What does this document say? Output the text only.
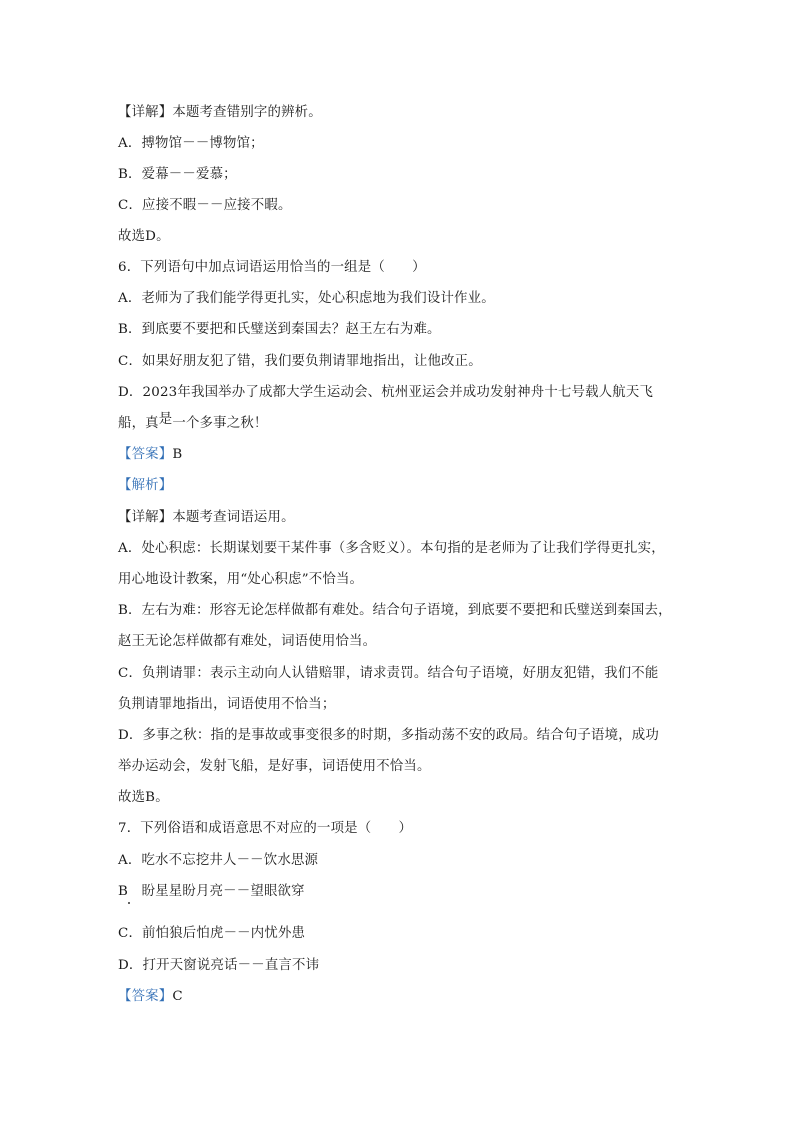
【详解】本题考查错别字的辨析。
A．搏物馆－－博物馆；
B．爱幕－－爱慕；
C．应接不暇－－应接不暇。
故选D。
6．下列语句中加点词语运用恰当的一组是（　　）
A．老师为了我们能学得更扎实，处心积虑地为我们设计作业。
B．到底要不要把和氏璧送到秦国去？赵王左右为难。
C．如果好朋友犯了错，我们要负荆请罪地指出，让他改正。
D．2023年我国举办了成都大学生运动会、杭州亚运会并成功发射神舟十七号载人航天飞
船，真是一个多事之秋！
【答案】B
【解析】
【详解】本题考查词语运用。
A．处心积虑：长期谋划要干某件事（多含贬义）。本句指的是老师为了让我们学得更扎实，
用心地设计教案，用“处心积虑”不恰当。
B．左右为难：形容无论怎样做都有难处。结合句子语境，到底要不要把和氏璧送到秦国去，
赵王无论怎样做都有难处，词语使用恰当。
C．负荆请罪：表示主动向人认错赔罪，请求责罚。结合句子语境，好朋友犯错，我们不能
负荆请罪地指出，词语使用不恰当；
D．多事之秋：指的是事故或事变很多的时期，多指动荡不安的政局。结合句子语境，成功
举办运动会，发射飞船，是好事，词语使用不恰当。
故选B。
7．下列俗语和成语意思不对应的一项是（　　）
A．吃水不忘挖井人－－饮水思源
B　盼星星盼月亮－－望眼欲穿
C．前怕狼后怕虎－－内忧外患
D．打开天窗说亮话－－直言不讳
【答案】C
